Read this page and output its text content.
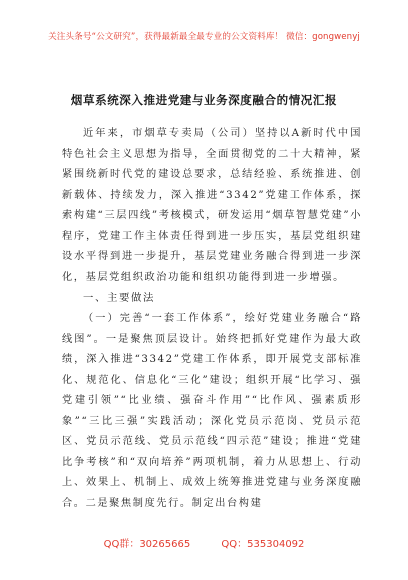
关注头条号“公文研究”，获得最新最全最专业的公文资料库！ 微信：gongwenyj
烟草系统深入推进党建与业务深度融合的情况汇报

近年来，市烟草专卖局（公司）坚持以A新时代中国特色社会主义思想为指导，全面贯彻党的二十大精神，紧紧围绕新时代党的建设总要求，总结经验、系统推进、创新载体、持续发力，深入推进“3342”党建工作体系，探索构建“三层四线”考核模式，研发运用“烟草智慧党建”小程序，党建工作主体责任得到进一步压实，基层党组织建设水平得到进一步提升，基层党建业务融合得到进一步深化，基层党组织政治功能和组织功能得到进一步增强。

一、主要做法

（一）完善“一套工作体系”，绘好党建业务融合“路线图”。一是聚焦顶层设计。始终把抓好党建作为最大政绩，深入推进“3342”党建工作体系，即开展党支部标准化、规范化、信息化“三化”建设；组织开展“比学习、强党建引领”“比业绩、强奋斗作用”“比作风、强素质形象”“三比三强”实践活动；深化党员示范岗、党员示范区、党员示范线、党员示范线“四示范”建设；推进“党建比争考核”和“双向培养”两项机制，着力从思想上、行动上、效果上、机制上、成效上统筹推进党建与业务深度融合。二是聚焦制度先行。制定出台构建

QQ群：30265665	QQ：535304092
